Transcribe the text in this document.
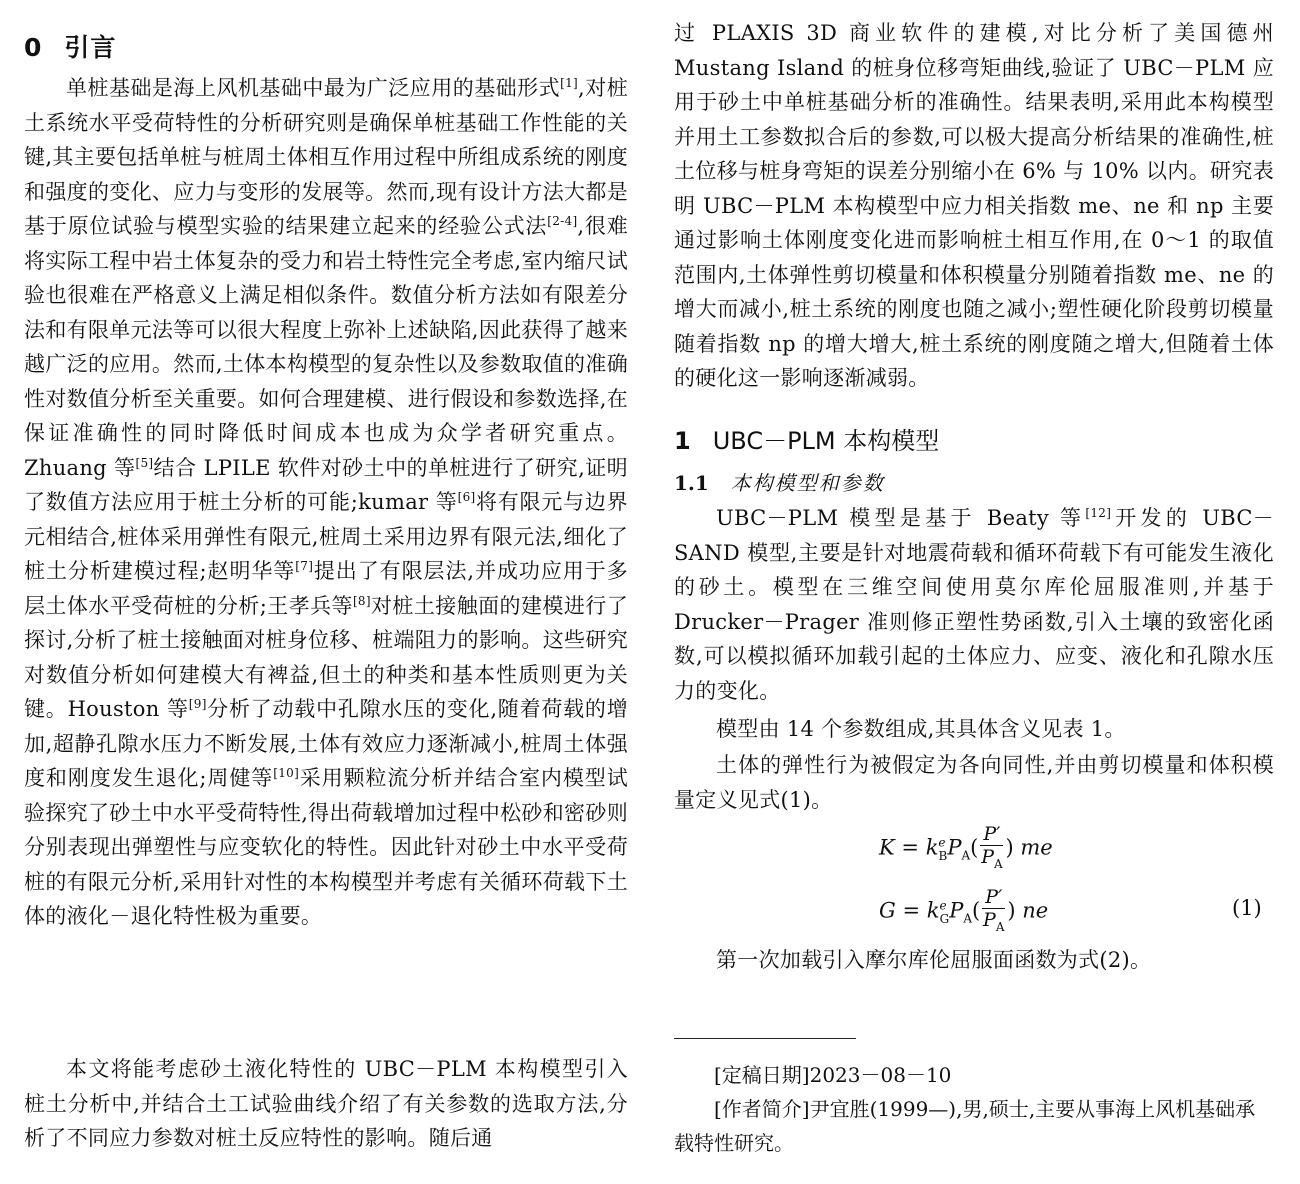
0 引言

单桩基础是海上风机基础中最为广泛应用的基础形式[1],对桩土系统水平受荷特性的分析研究则是确保单桩基础工作性能的关键,其主要包括单桩与桩周土体相互作用过程中所组成系统的刚度和强度的变化、应力与变形的发展等。然而,现有设计方法大都是基于原位试验与模型实验的结果建立起来的经验公式法[2-4],很难将实际工程中岩土体复杂的受力和岩土特性完全考虑,室内缩尺试验也很难在严格意义上满足相似条件。数值分析方法如有限差分法和有限单元法等可以很大程度上弥补上述缺陷,因此获得了越来越广泛的应用。然而,土体本构模型的复杂性以及参数取值的准确性对数值分析至关重要。如何合理建模、进行假设和参数选择,在保证准确性的同时降低时间成本也成为众学者研究重点。Zhuang 等[5]结合 LPILE 软件对砂土中的单桩进行了研究,证明了数值方法应用于桩土分析的可能;kumar 等[6]将有限元与边界元相结合,桩体采用弹性有限元,桩周土采用边界有限元法,细化了桩土分析建模过程;赵明华等[7]提出了有限层法,并成功应用于多层土体水平受荷桩的分析;王孝兵等[8]对桩土接触面的建模进行了探讨,分析了桩土接触面对桩身位移、桩端阻力的影响。这些研究对数值分析如何建模大有裨益,但土的种类和基本性质则更为关键。Houston 等[9]分析了动载中孔隙水压的变化,随着荷载的增加,超静孔隙水压力不断发展,土体有效应力逐渐减小,桩周土体强度和刚度发生退化;周健等[10]采用颗粒流分析并结合室内模型试验探究了砂土中水平受荷特性,得出荷载增加过程中松砂和密砂则分别表现出弹塑性与应变软化的特性。因此针对砂土中水平受荷桩的有限元分析,采用针对性的本构模型并考虑有关循环荷载下土体的液化－退化特性极为重要。

本文将能考虑砂土液化特性的 UBC－PLM 本构模型引入桩土分析中,并结合土工试验曲线介绍了有关参数的选取方法,分析了不同应力参数对桩土反应特性的影响。随后通

过 PLAXIS 3D 商业软件的建模,对比分析了美国德州 Mustang Island 的桩身位移弯矩曲线,验证了 UBC－PLM 应用于砂土中单桩基础分析的准确性。结果表明,采用此本构模型并用土工参数拟合后的参数,可以极大提高分析结果的准确性,桩土位移与桩身弯矩的误差分别缩小在 6% 与 10% 以内。研究表明 UBC－PLM 本构模型中应力相关指数 me、ne 和 np 主要通过影响土体刚度变化进而影响桩土相互作用,在 0～1 的取值范围内,土体弹性剪切模量和体积模量分别随着指数 me、ne 的增大而减小,桩土系统的刚度也随之减小;塑性硬化阶段剪切模量随着指数 np 的增大增大,桩土系统的刚度随之增大,但随着土体的硬化这一影响逐渐减弱。

1 UBC－PLM 本构模型
1.1 本构模型和参数

UBC－PLM 模型是基于 Beaty 等[12]开发的 UBC－SAND 模型,主要是针对地震荷载和循环荷载下有可能发生液化的砂土。模型在三维空间使用莫尔库伦屈服准则,并基于 Drucker－Prager 准则修正塑性势函数,引入土壤的致密化函数,可以模拟循环加载引起的土体应力、应变、液化和孔隙水压力的变化。

模型由 14 个参数组成,其具体含义见表 1。

土体的弹性行为被假定为各向同性,并由剪切模量和体积模量定义见式(1)。

$K = k^e_BP_A( \frac{P'}{P_A}$ ) me
$G = k^e_GP_A( \frac{P'}{P_A}$ ) ne	(1)

第一次加载引入摩尔库伦屈服面函数为式(2)。

[定稿日期]2023－08－10

[作者简介]尹宜胜(1999—),男,硕士,主要从事海上风机基础承载特性研究。
